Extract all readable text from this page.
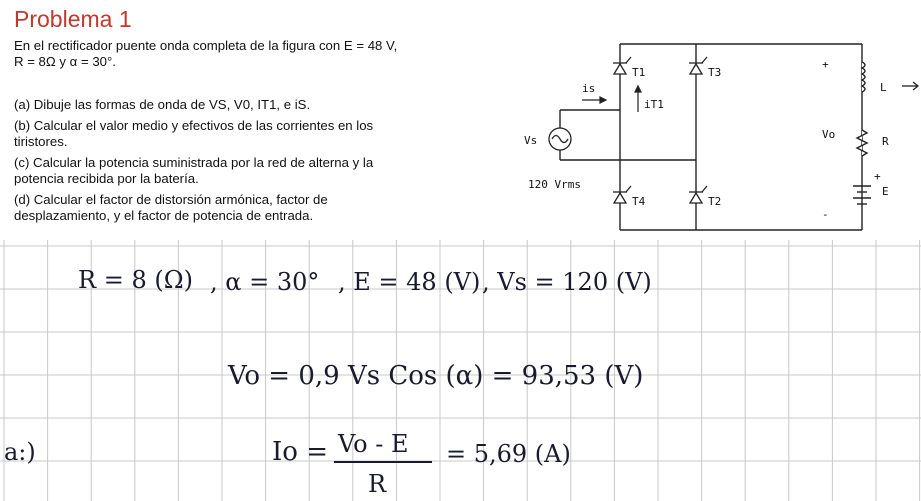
Problema 1
En el rectificador puente onda completa de la figura con E = 48 V,
R = 8Ω y α = 30°.
(a) Dibuje las formas de onda de VS, V0, IT1, e iS.
(b) Calcular el valor medio y efectivos de las corrientes en los
tiristores.
(c) Calcular la potencia suministrada por la red de alterna y la
potencia recibida por la batería.
(d) Calcular el factor de distorsión armónica, factor de
desplazamiento, y el factor de potencia de entrada.
T1	T3
T4	T2
is
iT1
Vs
120 Vrms
Vo
+
-
L
R
E
+
R = 8 (Ω) , α = 30° , E = 48 (V) , Vs = 120 (V)
Vo = 0,9 Vs Cos (α) = 93,53 (V)
a:)	Io = Vo - E
R
= 5,69 (A)
